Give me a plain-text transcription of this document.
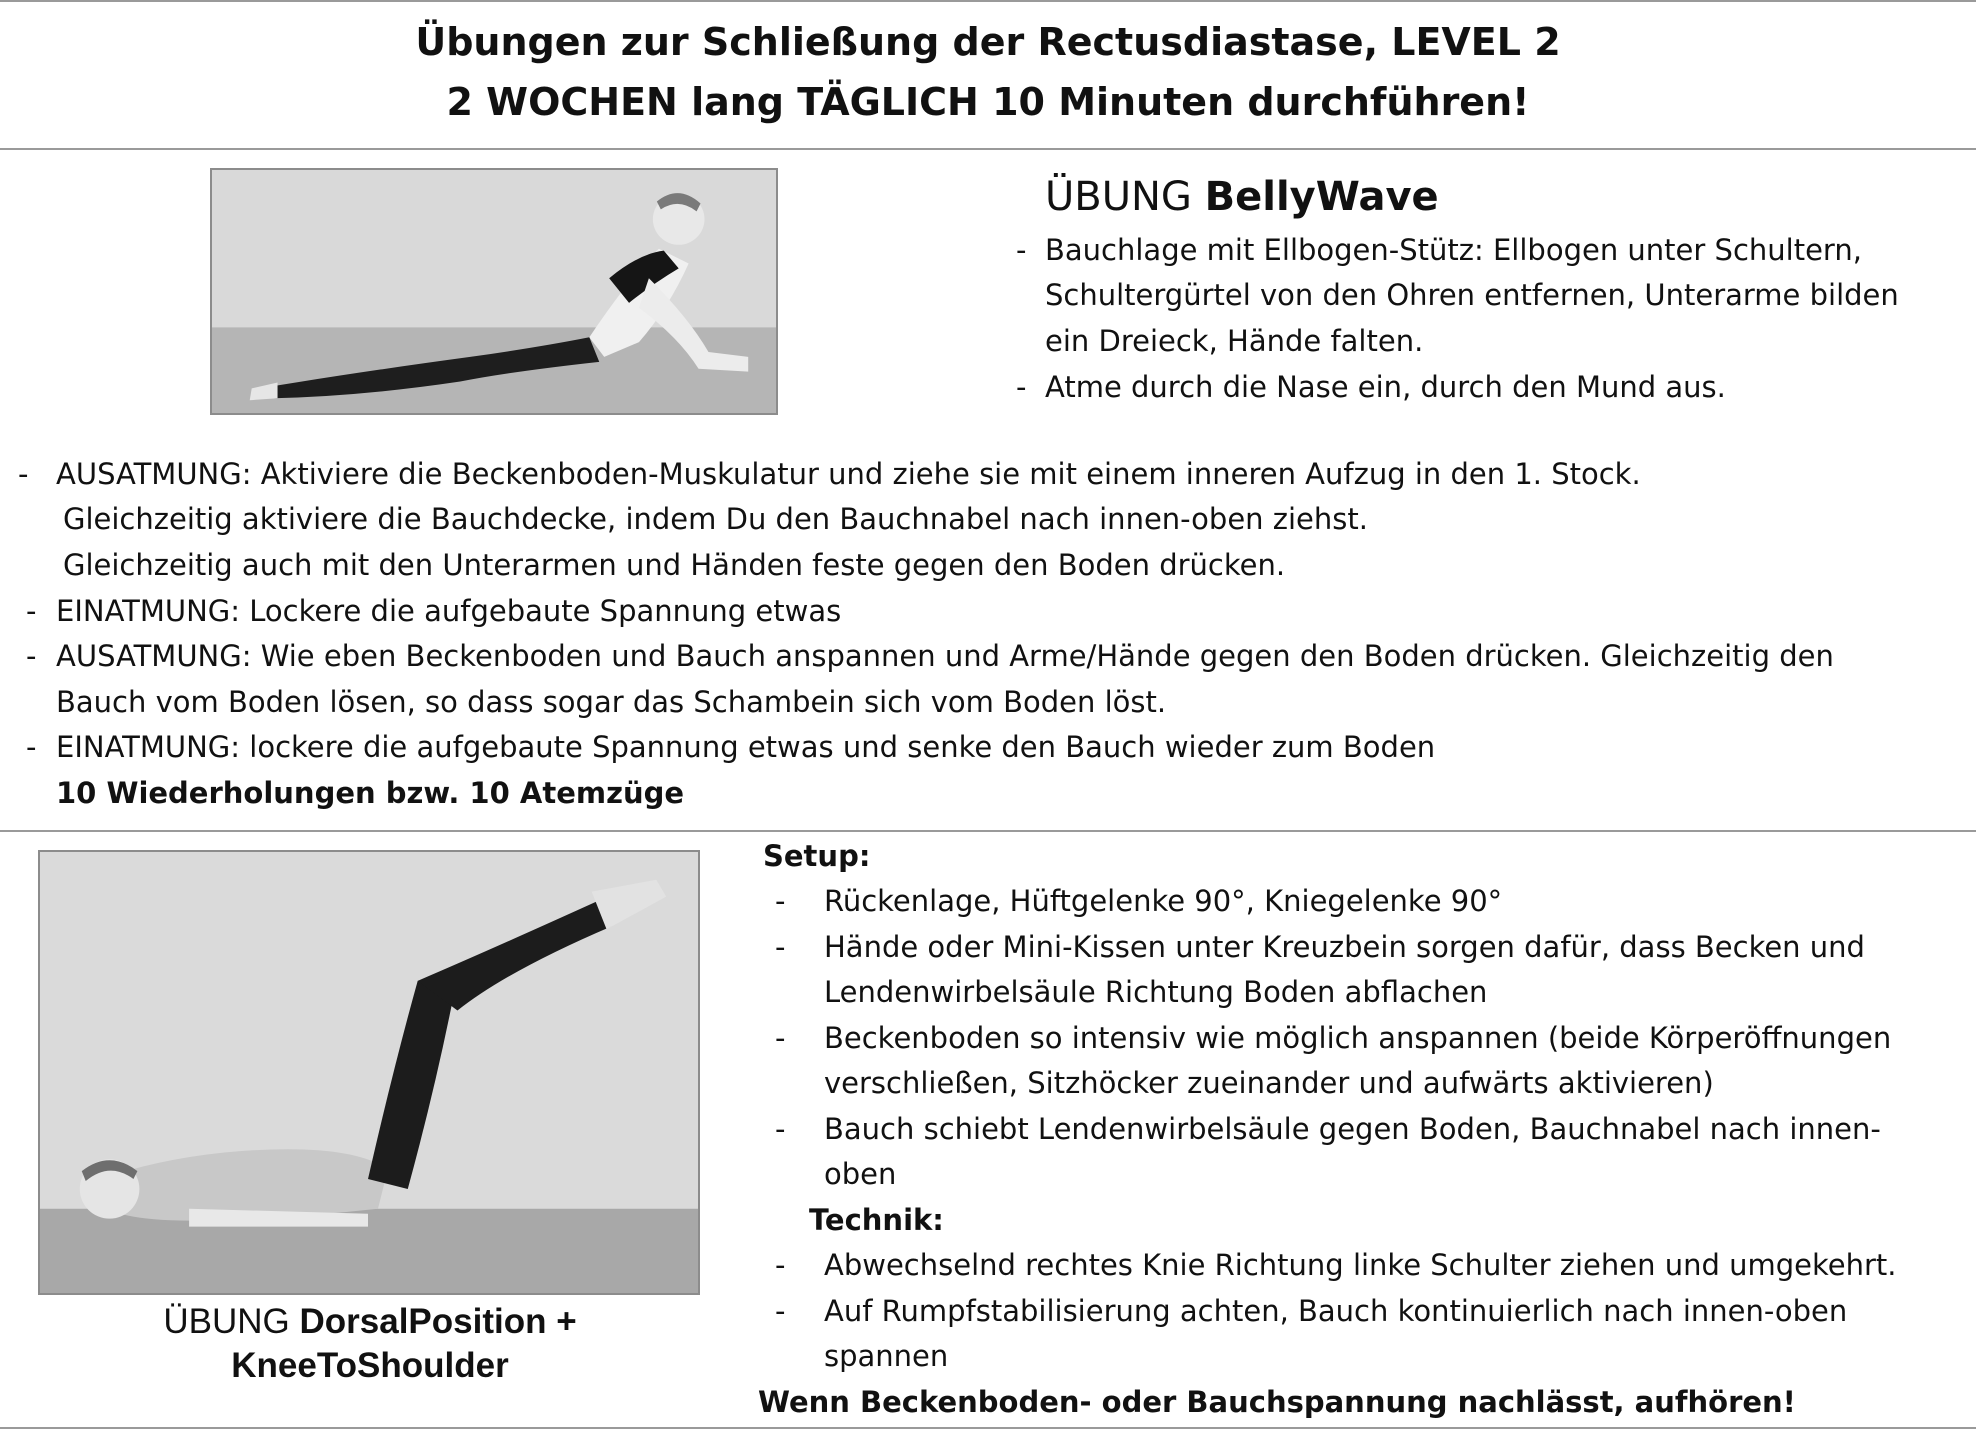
Übungen zur Schließung der Rectusdiastase, LEVEL 2
2 WOCHEN lang TÄGLICH 10 Minuten durchführen!
ÜBUNG BellyWave
- Bauchlage mit Ellbogen-Stütz: Ellbogen unter Schultern,
Schultergürtel von den Ohren entfernen, Unterarme bilden
ein Dreieck, Hände falten.
- Atme durch die Nase ein, durch den Mund aus.
- AUSATMUNG: Aktiviere die Beckenboden-Muskulatur und ziehe sie mit einem inneren Aufzug in den 1. Stock.
Gleichzeitig aktiviere die Bauchdecke, indem Du den Bauchnabel nach innen-oben ziehst.
Gleichzeitig auch mit den Unterarmen und Händen feste gegen den Boden drücken.
- EINATMUNG: Lockere die aufgebaute Spannung etwas
- AUSATMUNG: Wie eben Beckenboden und Bauch anspannen und Arme/Hände gegen den Boden drücken. Gleichzeitig den
Bauch vom Boden lösen, so dass sogar das Schambein sich vom Boden löst.
- EINATMUNG: lockere die aufgebaute Spannung etwas und senke den Bauch wieder zum Boden
10 Wiederholungen bzw. 10 Atemzüge
ÜBUNG DorsalPosition +
KneeToShoulder
Setup:
- Rückenlage, Hüftgelenke 90°, Kniegelenke 90°
- Hände oder Mini-Kissen unter Kreuzbein sorgen dafür, dass Becken und
Lendenwirbelsäule Richtung Boden abflachen
- Beckenboden so intensiv wie möglich anspannen (beide Körperöffnungen
verschließen, Sitzhöcker zueinander und aufwärts aktivieren)
- Bauch schiebt Lendenwirbelsäule gegen Boden, Bauchnabel nach innen-
oben
Technik:
- Abwechselnd rechtes Knie Richtung linke Schulter ziehen und umgekehrt.
- Auf Rumpfstabilisierung achten, Bauch kontinuierlich nach innen-oben
spannen
Wenn Beckenboden- oder Bauchspannung nachlässt, aufhören!
